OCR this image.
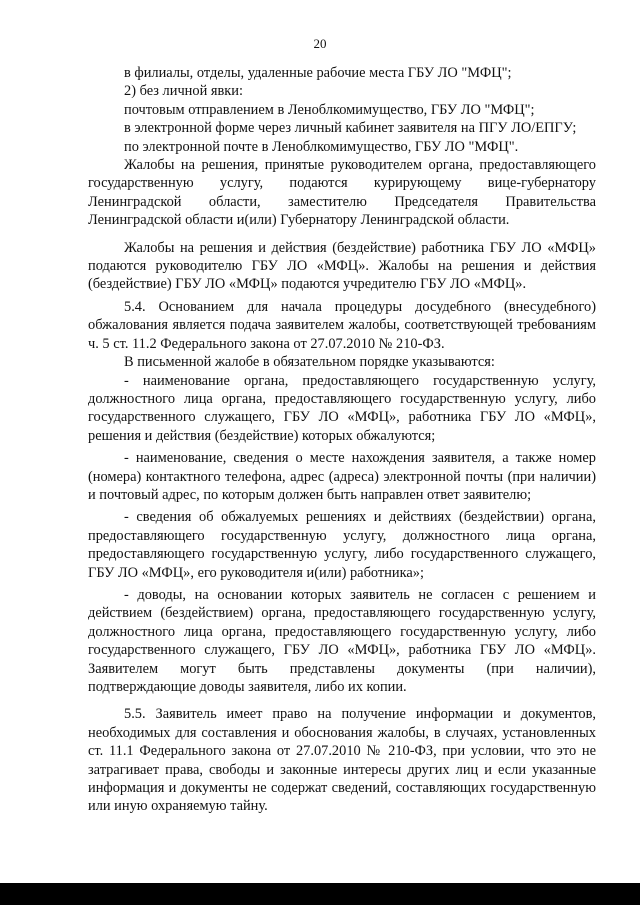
20

в филиалы, отделы, удаленные рабочие места ГБУ ЛО "МФЦ";

2) без личной явки:

почтовым отправлением в Леноблкомимущество, ГБУ ЛО "МФЦ";

в электронной форме через личный кабинет заявителя на ПГУ ЛО/ЕПГУ;

по электронной почте в Леноблкомимущество, ГБУ ЛО "МФЦ".

Жалобы на решения, принятые руководителем органа, предоставляющего государственную услугу, подаются курирующему вице-губернатору Ленинградской области, заместителю Председателя Правительства Ленинградской области и(или) Губернатору Ленинградской области.

Жалобы на решения и действия (бездействие) работника ГБУ ЛО «МФЦ» подаются руководителю ГБУ ЛО «МФЦ». Жалобы на решения и действия (бездействие) ГБУ ЛО «МФЦ» подаются учредителю ГБУ ЛО «МФЦ».

5.4. Основанием для начала процедуры досудебного (внесудебного) обжалования является подача заявителем жалобы, соответствующей требованиям ч. 5 ст. 11.2 Федерального закона от 27.07.2010 № 210-ФЗ.

В письменной жалобе в обязательном порядке указываются:

- наименование органа, предоставляющего государственную услугу, должностного лица органа, предоставляющего государственную услугу, либо государственного служащего, ГБУ ЛО «МФЦ», работника ГБУ ЛО «МФЦ», решения и действия (бездействие) которых обжалуются;

- наименование, сведения о месте нахождения заявителя, а также номер (номера) контактного телефона, адрес (адреса) электронной почты (при наличии) и почтовый адрес, по которым должен быть направлен ответ заявителю;

- сведения об обжалуемых решениях и действиях (бездействии) органа, предоставляющего государственную услугу, должностного лица органа, предоставляющего государственную услугу, либо государственного служащего, ГБУ ЛО «МФЦ», его руководителя и(или) работника»;

- доводы, на основании которых заявитель не согласен с решением и действием (бездействием) органа, предоставляющего государственную услугу, должностного лица органа, предоставляющего государственную услугу, либо государственного служащего, ГБУ ЛО «МФЦ», работника ГБУ ЛО «МФЦ». Заявителем могут быть представлены документы (при наличии), подтверждающие доводы заявителя, либо их копии.

5.5. Заявитель имеет право на получение информации и документов, необходимых для составления и обоснования жалобы, в случаях, установленных ст. 11.1 Федерального закона от 27.07.2010 № 210-ФЗ, при условии, что это не затрагивает права, свободы и законные интересы других лиц и если указанные информация и документы не содержат сведений, составляющих государственную или иную охраняемую тайну.
